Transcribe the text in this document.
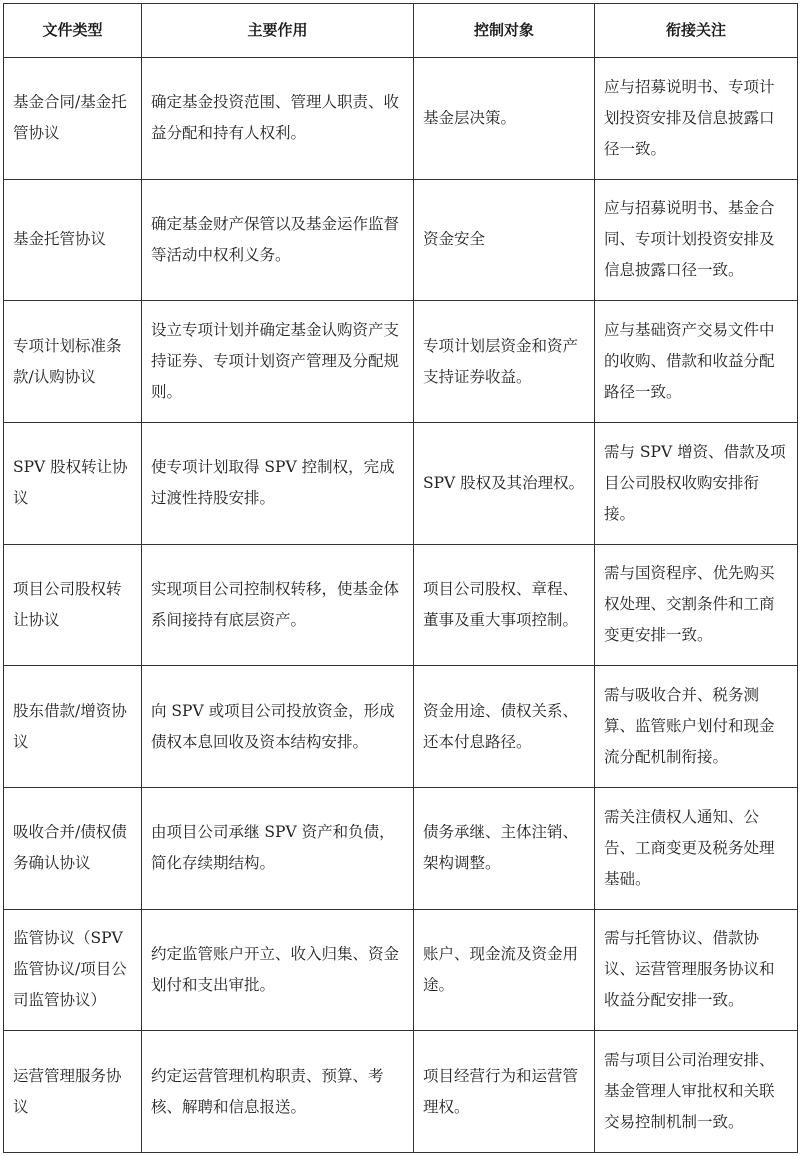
文件类型	主要作用	控制对象	衔接关注
基金合同/基金托管协议	确定基金投资范围、管理人职责、收益分配和持有人权利。	基金层决策。	应与招募说明书、专项计划投资安排及信息披露口径一致。
基金托管协议	确定基金财产保管以及基金运作监督等活动中权利义务。	资金安全	应与招募说明书、基金合同、专项计划投资安排及信息披露口径一致。
专项计划标准条款/认购协议	设立专项计划并确定基金认购资产支持证券、专项计划资产管理及分配规则。	专项计划层资金和资产支持证券收益。	应与基础资产交易文件中的收购、借款和收益分配路径一致。
SPV 股权转让协议	使专项计划取得 SPV 控制权，完成过渡性持股安排。	SPV 股权及其治理权。	需与 SPV 增资、借款及项目公司股权收购安排衔接。
项目公司股权转让协议	实现项目公司控制权转移，使基金体系间接持有底层资产。	项目公司股权、章程、董事及重大事项控制。	需与国资程序、优先购买权处理、交割条件和工商变更安排一致。
股东借款/增资协议	向 SPV 或项目公司投放资金，形成债权本息回收及资本结构安排。	资金用途、债权关系、还本付息路径。	需与吸收合并、税务测算、监管账户划付和现金流分配机制衔接。
吸收合并/债权债务确认协议	由项目公司承继 SPV 资产和负债，简化存续期结构。	债务承继、主体注销、架构调整。	需关注债权人通知、公告、工商变更及税务处理基础。
监管协议（SPV 监管协议/项目公司监管协议）	约定监管账户开立、收入归集、资金划付和支出审批。	账户、现金流及资金用途。	需与托管协议、借款协议、运营管理服务协议和收益分配安排一致。
运营管理服务协议	约定运营管理机构职责、预算、考核、解聘和信息报送。	项目经营行为和运营管理权。	需与项目公司治理安排、基金管理人审批权和关联交易控制机制一致。
